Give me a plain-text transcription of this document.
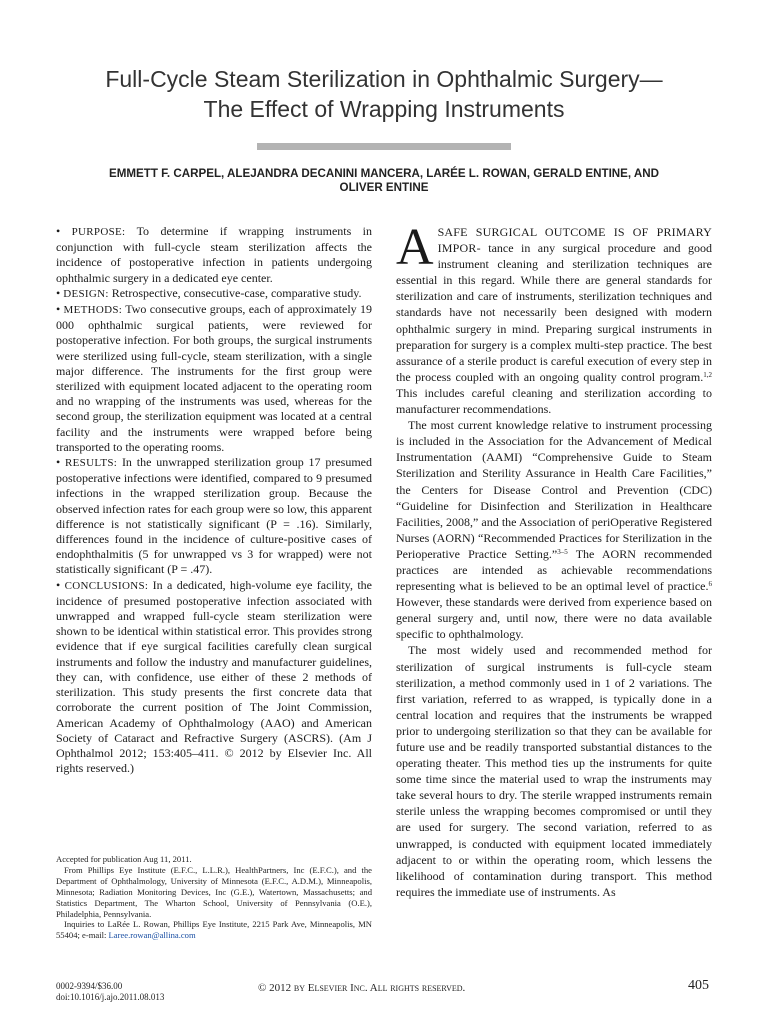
Full-Cycle Steam Sterilization in Ophthalmic Surgery—
The Effect of Wrapping Instruments
EMMETT F. CARPEL, ALEJANDRA DECANINI MANCERA, LARÉE L. ROWAN, GERALD ENTINE, AND
OLIVER ENTINE

• PURPOSE: To determine if wrapping instruments in conjunction with full-cycle steam sterilization affects the incidence of postoperative infection in patients undergoing ophthalmic surgery in a dedicated eye center.

• DESIGN: Retrospective, consecutive-case, comparative study.

• METHODS: Two consecutive groups, each of approximately 19 000 ophthalmic surgical patients, were reviewed for postoperative infection. For both groups, the surgical instruments were sterilized using full-cycle, steam sterilization, with a single major difference. The instruments for the first group were sterilized with equipment located adjacent to the operating room and no wrapping of the instruments was used, whereas for the second group, the sterilization equipment was located at a central facility and the instruments were wrapped before being transported to the operating rooms.

• RESULTS: In the unwrapped sterilization group 17 presumed postoperative infections were identified, compared to 9 presumed infections in the wrapped sterilization group. Because the observed infection rates for each group were so low, this apparent difference is not statistically significant (P = .16). Similarly, differences found in the incidence of culture-positive cases of endophthalmitis (5 for unwrapped vs 3 for wrapped) were not statistically significant (P = .47).

• CONCLUSIONS: In a dedicated, high-volume eye facility, the incidence of presumed postoperative infection associated with unwrapped and wrapped full-cycle steam sterilization were shown to be identical within statistical error. This provides strong evidence that if eye surgical facilities carefully clean surgical instruments and follow the industry and manufacturer guidelines, they can, with confidence, use either of these 2 methods of sterilization. This study presents the first concrete data that corroborate the current position of The Joint Commission, American Academy of Ophthalmology (AAO) and American Society of Cataract and Refractive Surgery (ASCRS). (Am J Ophthalmol 2012; 153:405–411. © 2012 by Elsevier Inc. All rights reserved.)

Accepted for publication Aug 11, 2011.

From Phillips Eye Institute (E.F.C., L.L.R.), HealthPartners, Inc (E.F.C.), and the Department of Ophthalmology, University of Minnesota (E.F.C., A.D.M.), Minneapolis, Minnesota; Radiation Monitoring Devices, Inc (G.E.), Watertown, Massachusetts; and Statistics Department, The Wharton School, University of Pennsylvania (O.E.), Philadelphia, Pennsylvania.

Inquiries to LaRée L. Rowan, Phillips Eye Institute, 2215 Park Ave, Minneapolis, MN 55404; e-mail: Laree.rowan@allina.com

ASAFE SURGICAL OUTCOME IS OF PRIMARY IMPOR- tance in any surgical procedure and good instrument cleaning and sterilization techniques are essential in this regard. While there are general standards for sterilization and care of instruments, sterilization techniques and standards have not necessarily been designed with modern ophthalmic surgery in mind. Preparing surgical instruments in preparation for surgery is a complex multi-step practice. The best assurance of a sterile product is careful execution of every step in the process coupled with an ongoing quality control program.$^{1,2}$ This includes careful cleaning and sterilization according to manufacturer recommendations.

The most current knowledge relative to instrument processing is included in the Association for the Advancement of Medical Instrumentation (AAMI) “Comprehensive Guide to Steam Sterilization and Sterility Assurance in Health Care Facilities,” the Centers for Disease Control and Prevention (CDC) “Guideline for Disinfection and Sterilization in Healthcare Facilities, 2008,” and the Association of periOperative Registered Nurses (AORN) “Recommended Practices for Sterilization in the Perioperative Practice Setting.”$^{3-5}$ The AORN recommended practices are intended as achievable recommendations representing what is believed to be an optimal level of practice.$^6$ However, these standards were derived from experience based on general surgery and, until now, there were no data available specific to ophthalmology.

The most widely used and recommended method for sterilization of surgical instruments is full-cycle steam sterilization, a method commonly used in 1 of 2 variations. The first variation, referred to as wrapped, is typically done in a central location and requires that the instruments be wrapped prior to undergoing sterilization so that they can be available for future use and be readily transported substantial distances to the operating theater. This method ties up the instruments for quite some time since the material used to wrap the instruments may take several hours to dry. The sterile wrapped instruments remain sterile unless the wrapping becomes compromised or until they are used for surgery. The second variation, referred to as unwrapped, is conducted with equipment located immediately adjacent to or within the operating room, which lessens the likelihood of contamination during transport. This method requires the immediate use of instruments. As

0002-9394/$36.00
doi:10.1016/j.ajo.2011.08.013
© 2012 by Elsevier Inc. All rights reserved.	405
